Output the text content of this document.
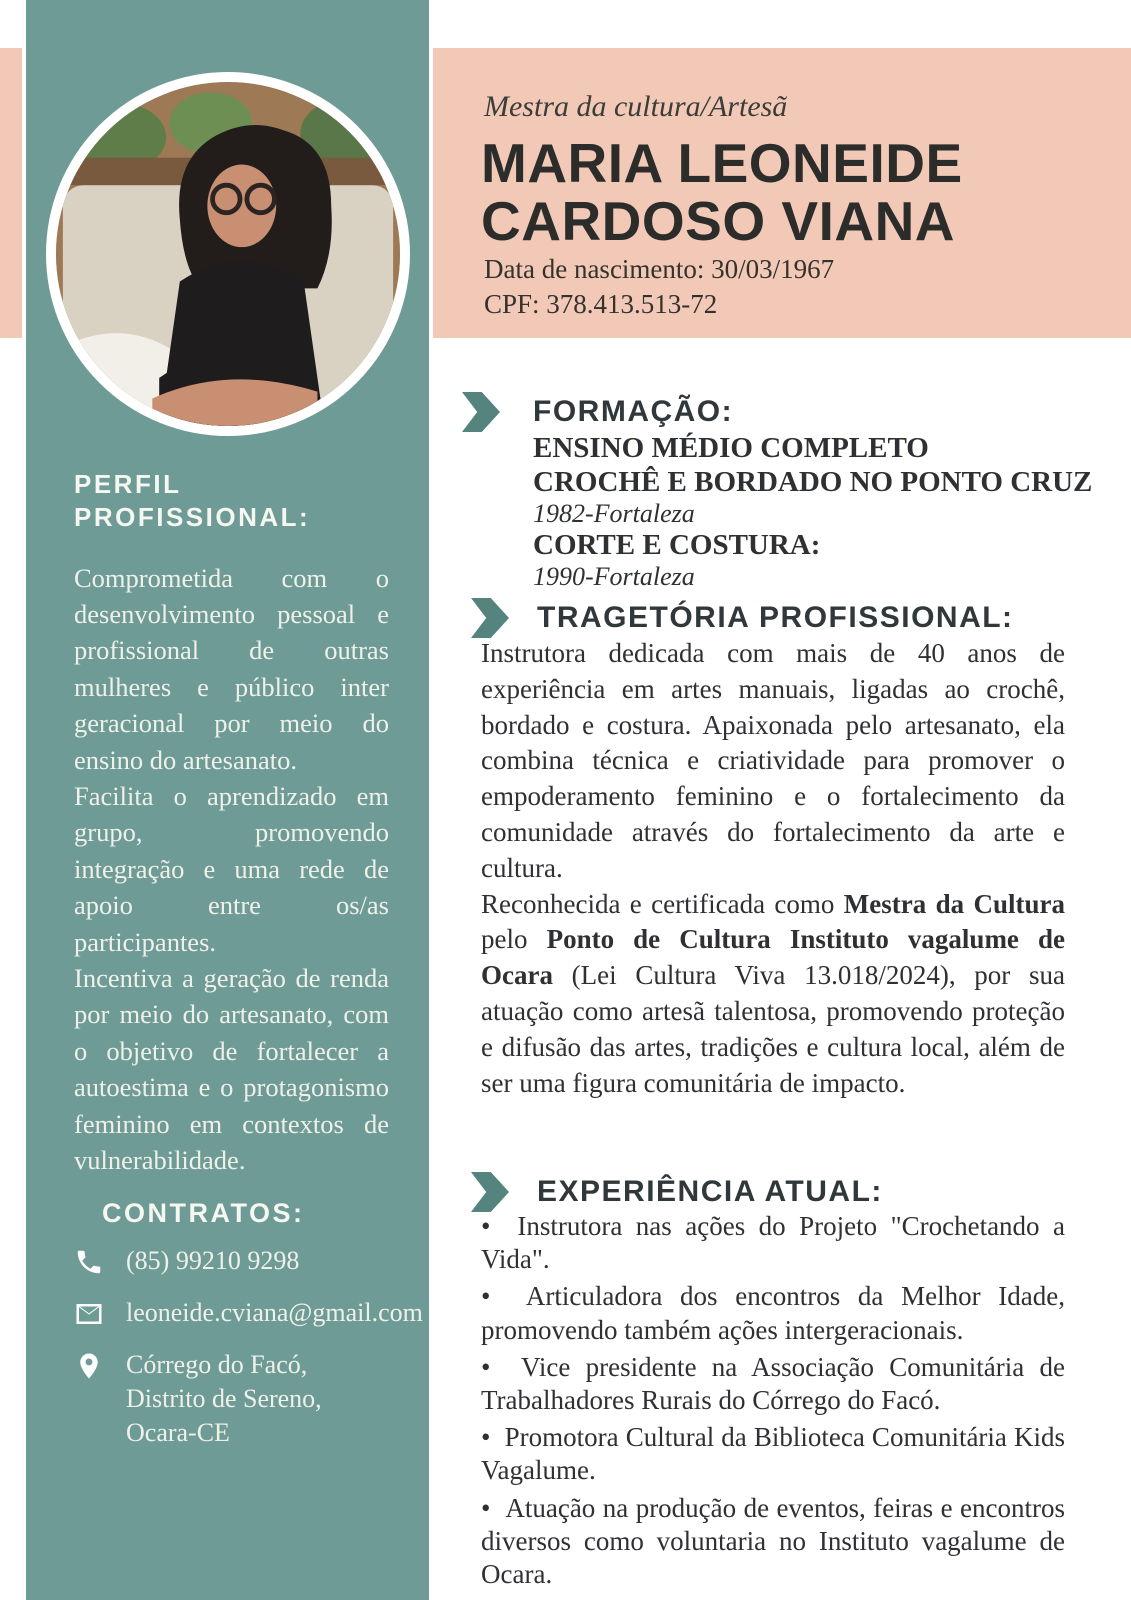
Mestra da cultura/Artesã
MARIA LEONEIDE
CARDOSO VIANA
Data de nascimento: 30/03/1967
CPF: 378.413.513-72
PERFIL PROFISSIONAL:

Comprometida com o desenvolvimento pessoal e profissional de outras mulheres e público inter geracional por meio do ensino do artesanato.

Facilita o aprendizado em grupo, promovendo integração e uma rede de apoio entre os/as participantes.

Incentiva a geração de renda por meio do artesanato, com o objetivo de fortalecer a autoestima e o protagonismo feminino em contextos de vulnerabilidade.

CONTRATOS:
(85) 99210 9298
leoneide.cviana@gmail.com
Córrego do Facó,
Distrito de Sereno,
Ocara-CE
FORMAÇÃO:
ENSINO MÉDIO COMPLETO
CROCHÊ E BORDADO NO PONTO CRUZ
1982-Fortaleza
CORTE E COSTURA:
1990-Fortaleza
TRAGETÓRIA PROFISSIONAL:

Instrutora dedicada com mais de 40 anos de experiência em artes manuais, ligadas ao crochê, bordado e costura. Apaixonada pelo artesanato, ela combina técnica e criatividade para promover o empoderamento feminino e o fortalecimento da comunidade através do fortalecimento da arte e cultura.

Reconhecida e certificada como Mestra da Cultura pelo Ponto de Cultura Instituto vagalume de Ocara (Lei Cultura Viva 13.018/2024), por sua atuação como artesã talentosa, promovendo proteção e difusão das artes, tradições e cultura local, além de ser uma figura comunitária de impacto.

EXPERIÊNCIA ATUAL:

•  Instrutora nas ações do Projeto "Crochetando a Vida".

•  Articuladora dos encontros da Melhor Idade, promovendo também ações intergeracionais.

•  Vice presidente na Associação Comunitária de Trabalhadores Rurais do Córrego do Facó.

•  Promotora Cultural da Biblioteca Comunitária Kids Vagalume.

•  Atuação na produção de eventos, feiras e encontros diversos como voluntaria no Instituto vagalume de Ocara.
